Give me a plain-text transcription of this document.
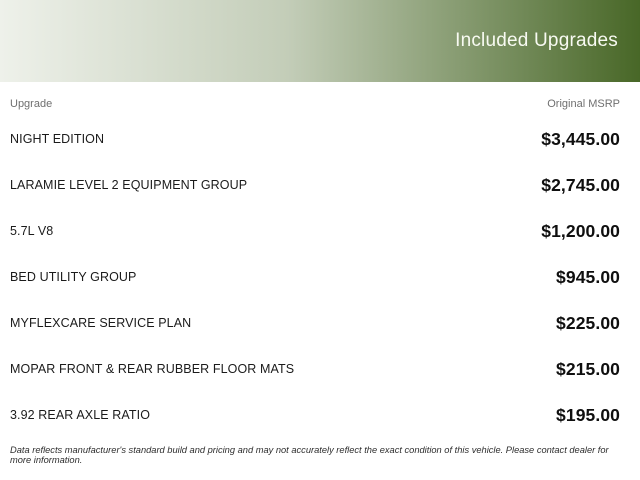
Included Upgrades
Upgrade	Original MSRP
NIGHT EDITION	$3,445.00
LARAMIE LEVEL 2 EQUIPMENT GROUP	$2,745.00
5.7L V8	$1,200.00
BED UTILITY GROUP	$945.00
MYFLEXCARE SERVICE PLAN	$225.00
MOPAR FRONT & REAR RUBBER FLOOR MATS	$215.00
3.92 REAR AXLE RATIO	$195.00
Data reflects manufacturer's standard build and pricing and may not accurately reflect the exact condition of this vehicle. Please contact dealer for more information.
